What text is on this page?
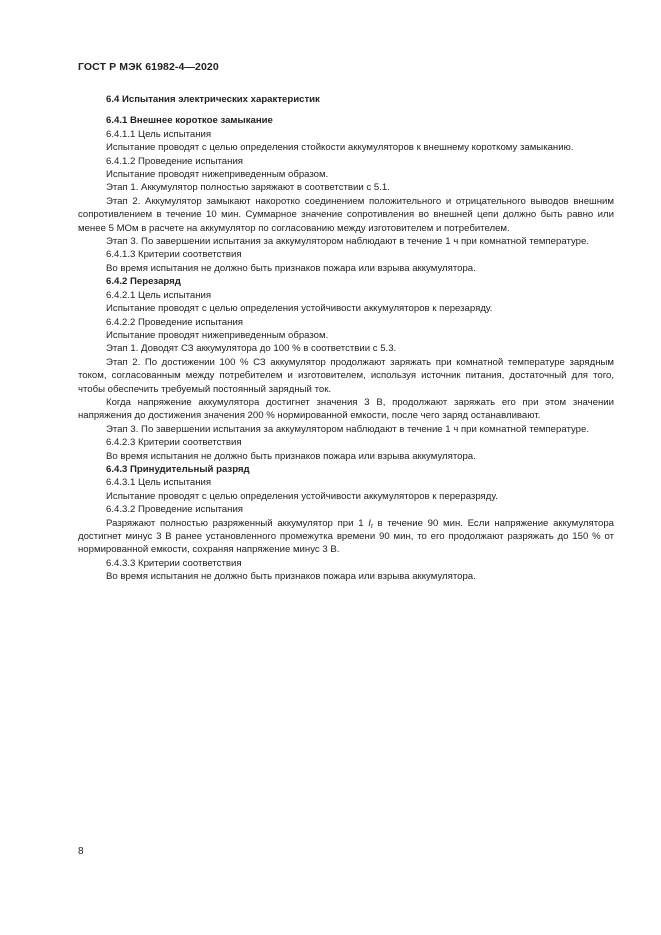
ГОСТ Р МЭК 61982-4—2020

6.4 Испытания электрических характеристик

6.4.1 Внешнее короткое замыкание

6.4.1.1 Цель испытания

Испытание проводят с целью определения стойкости аккумуляторов к внешнему короткому замыканию.

6.4.1.2 Проведение испытания

Испытание проводят нижеприведенным образом.

Этап 1. Аккумулятор полностью заряжают в соответствии с 5.1.

Этап 2. Аккумулятор замыкают накоротко соединением положительного и отрицательного выводов внешним сопротивлением в течение 10 мин. Суммарное значение сопротивления во внешней цепи должно быть равно или менее 5 МОм в расчете на аккумулятор по согласованию между изготовителем и потребителем.

Этап 3. По завершении испытания за аккумулятором наблюдают в течение 1 ч при комнатной температуре.

6.4.1.3 Критерии соответствия

Во время испытания не должно быть признаков пожара или взрыва аккумулятора.

6.4.2 Перезаряд

6.4.2.1 Цель испытания

Испытание проводят с целью определения устойчивости аккумуляторов к перезаряду.

6.4.2.2 Проведение испытания

Испытание проводят нижеприведенным образом.

Этап 1. Доводят СЗ аккумулятора до 100 % в соответствии с 5.3.

Этап 2. По достижении 100 % СЗ аккумулятор продолжают заряжать при комнатной температуре зарядным током, согласованным между потребителем и изготовителем, используя источник питания, достаточный для того, чтобы обеспечить требуемый постоянный зарядный ток.

Когда напряжение аккумулятора достигнет значения 3 В, продолжают заряжать его при этом значении напряжения до достижения значения 200 % нормированной емкости, после чего заряд останавливают.

Этап 3. По завершении испытания за аккумулятором наблюдают в течение 1 ч при комнатной температуре.

6.4.2.3 Критерии соответствия

Во время испытания не должно быть признаков пожара или взрыва аккумулятора.

6.4.3 Принудительный разряд

6.4.3.1 Цель испытания

Испытание проводят с целью определения устойчивости аккумуляторов к переразряду.

6.4.3.2 Проведение испытания

Разряжают полностью разряженный аккумулятор при 1 $I_t$ в течение 90 мин. Если напряжение аккумулятора достигнет минус 3 В ранее установленного промежутка времени 90 мин, то его продолжают разряжать до 150 % от нормированной емкости, сохраняя напряжение минус 3 В.

6.4.3.3 Критерии соответствия

Во время испытания не должно быть признаков пожара или взрыва аккумулятора.

8
